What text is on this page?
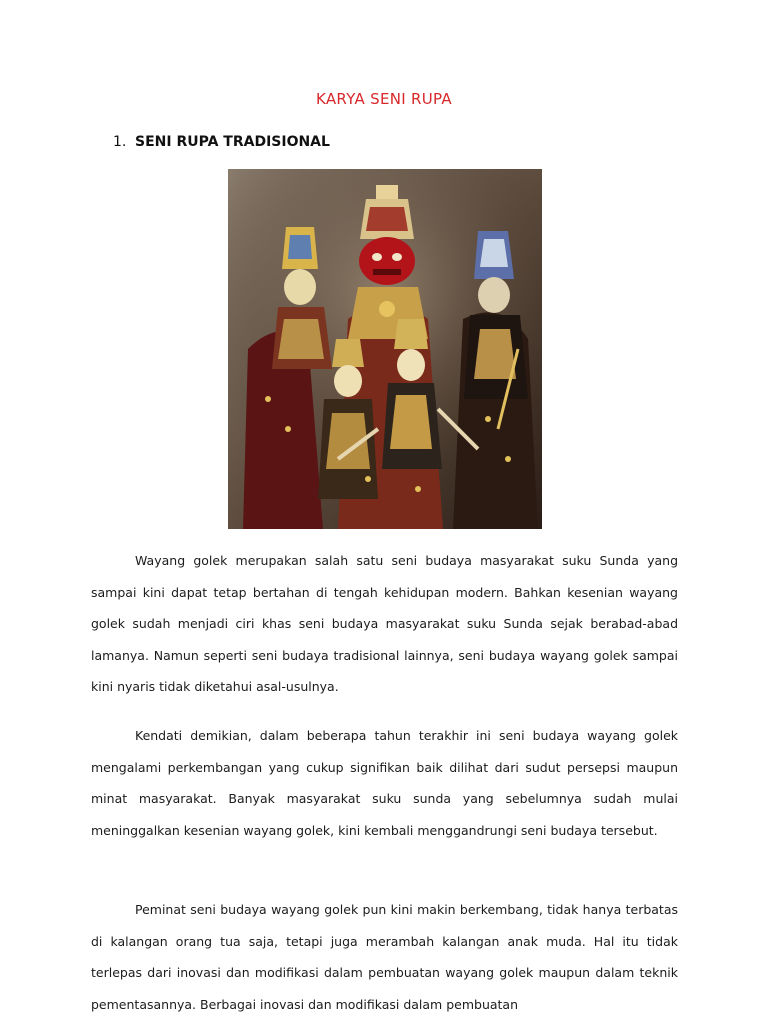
KARYA SENI RUPA
1. SENI RUPA TRADISIONAL

Wayang golek merupakan salah satu seni budaya masyarakat suku Sunda yang sampai kini dapat tetap bertahan di tengah kehidupan modern. Bahkan kesenian wayang golek sudah menjadi ciri khas seni budaya masyarakat suku Sunda sejak berabad-abad lamanya. Namun seperti seni budaya tradisional lainnya, seni budaya wayang golek sampai kini nyaris tidak diketahui asal-usulnya.

Kendati demikian, dalam beberapa tahun terakhir ini seni budaya wayang golek mengalami perkembangan yang cukup signifikan baik dilihat dari sudut persepsi maupun minat masyarakat. Banyak masyarakat suku sunda yang sebelumnya sudah mulai meninggalkan kesenian wayang golek, kini kembali menggandrungi seni budaya tersebut.

Peminat seni budaya wayang golek pun kini makin berkembang, tidak hanya terbatas di kalangan orang tua saja, tetapi juga merambah kalangan anak muda. Hal itu tidak terlepas dari inovasi dan modifikasi dalam pembuatan wayang golek maupun dalam teknik pementasannya. Berbagai inovasi dan modifikasi dalam pembuatan
